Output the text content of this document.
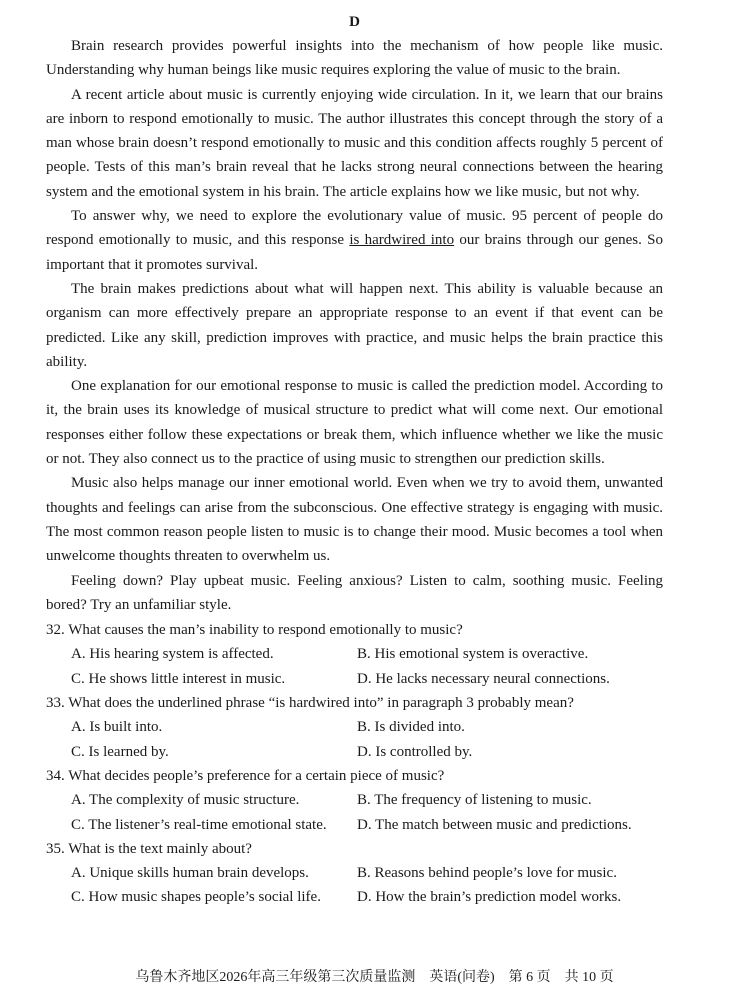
D

Brain research provides powerful insights into the mechanism of how people like music. Understanding why human beings like music requires exploring the value of music to the brain.

A recent article about music is currently enjoying wide circulation. In it, we learn that our brains are inborn to respond emotionally to music. The author illustrates this concept through the story of a man whose brain doesn’t respond emotionally to music and this condition affects roughly 5 percent of people. Tests of this man’s brain reveal that he lacks strong neural connections between the hearing system and the emotional system in his brain. The article explains how we like music, but not why.

To answer why, we need to explore the evolutionary value of music. 95 percent of people do respond emotionally to music, and this response is hardwired into our brains through our genes. So important that it promotes survival.

The brain makes predictions about what will happen next. This ability is valuable because an organism can more effectively prepare an appropriate response to an event if that event can be predicted. Like any skill, prediction improves with practice, and music helps the brain practice this ability.

One explanation for our emotional response to music is called the prediction model. According to it, the brain uses its knowledge of musical structure to predict what will come next. Our emotional responses either follow these expectations or break them, which influence whether we like the music or not. They also connect us to the practice of using music to strengthen our prediction skills.

Music also helps manage our inner emotional world. Even when we try to avoid them, unwanted thoughts and feelings can arise from the subconscious. One effective strategy is engaging with music. The most common reason people listen to music is to change their mood. Music becomes a tool when unwelcome thoughts threaten to overwhelm us.

Feeling down? Play upbeat music. Feeling anxious? Listen to calm, soothing music. Feeling bored? Try an unfamiliar style.

32. What causes the man’s inability to respond emotionally to music?

A. His hearing system is affected.	B. His emotional system is overactive.
C. He shows little interest in music.	D. He lacks necessary neural connections.

33. What does the underlined phrase “is hardwired into” in paragraph 3 probably mean?

A. Is built into.	B. Is divided into.
C. Is learned by.	D. Is controlled by.

34. What decides people’s preference for a certain piece of music?

A. The complexity of music structure.	B. The frequency of listening to music.
C. The listener’s real-time emotional state.	D. The match between music and predictions.

35. What is the text mainly about?

A. Unique skills human brain develops.	B. Reasons behind people’s love for music.
C. How music shapes people’s social life.	D. How the brain’s prediction model works.
乌鲁木齐地区2026年高三年级第三次质量监测　英语(问卷)　第 6 页　共 10 页
